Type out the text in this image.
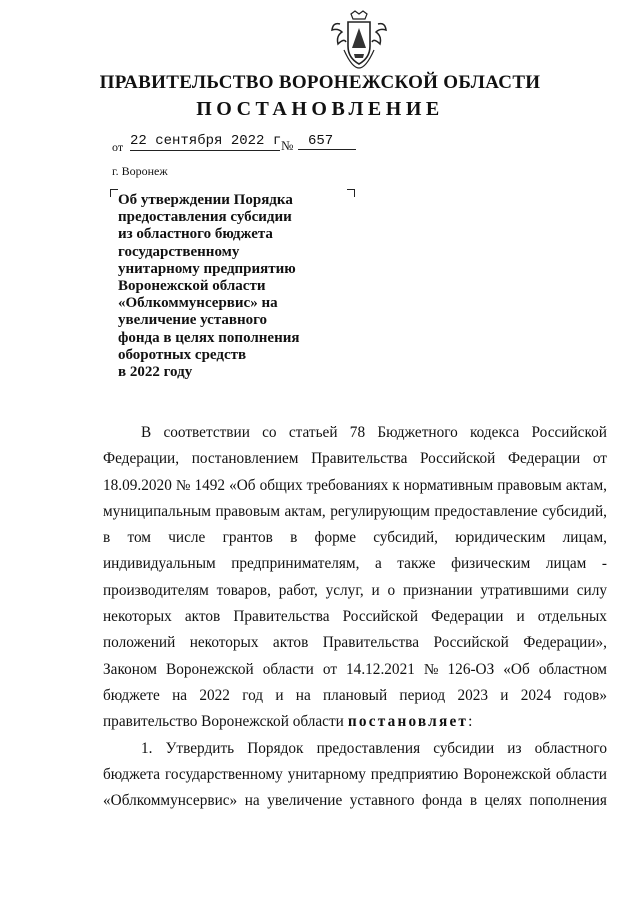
ПРАВИТЕЛЬСТВО ВОРОНЕЖСКОЙ ОБЛАСТИ
ПОСТАНОВЛЕНИЕ
от 22 сентября 2022 г №	657
г. Воронеж
Об утверждении Порядка
предоставления субсидии
из областного бюджета
государственному
унитарному предприятию
Воронежской области
«Облкоммунсервис» на
увеличение уставного
фонда в целях пополнения
оборотных средств
в 2022 году
В соответствии со статьей 78 Бюджетного кодекса Российской
Федерации, постановлением Правительства Российской Федерации от
18.09.2020 № 1492 «Об общих требованиях к нормативным правовым актам,
муниципальным правовым актам, регулирующим предоставление субсидий,
в том числе грантов в форме субсидий, юридическим лицам,
индивидуальным предпринимателям, а также физическим лицам -
производителям товаров, работ, услуг, и о признании утратившими силу
некоторых актов Правительства Российской Федерации и отдельных
положений некоторых актов Правительства Российской Федерации»,
Законом Воронежской области от 14.12.2021 № 126-ОЗ «Об областном
бюджете на 2022 год и на плановый период 2023 и 2024 годов»
правительство Воронежской области постановляет :
1. Утвердить Порядок предоставления субсидии из областного
бюджета государственному унитарному предприятию Воронежской области
«Облкоммунсервис» на увеличение уставного фонда в целях пополнения
